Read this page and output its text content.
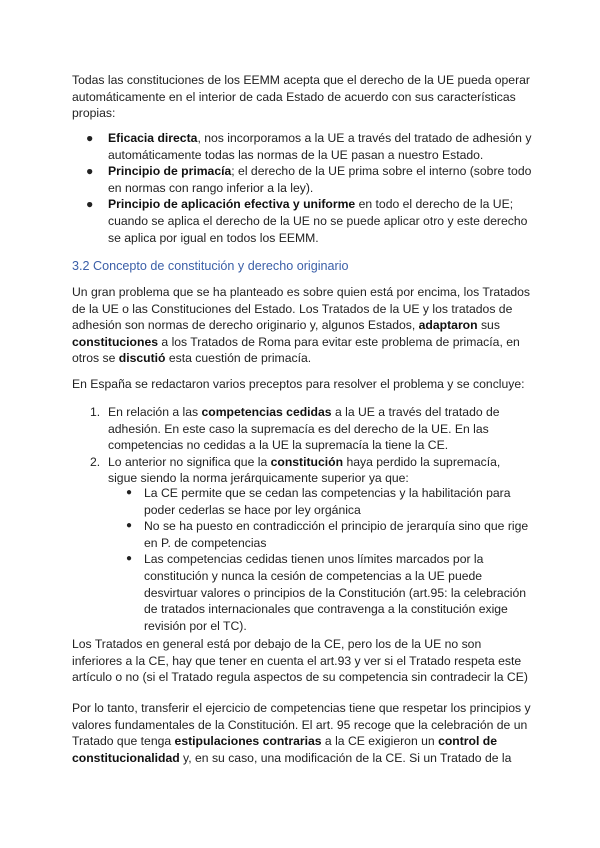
Todas las constituciones de los EEMM acepta que el derecho de la UE pueda operar automáticamente en el interior de cada Estado de acuerdo con sus características propias:

● Eficacia directa, nos incorporamos a la UE a través del tratado de adhesión y automáticamente todas las normas de la UE pasan a nuestro Estado.
● Principio de primacía; el derecho de la UE prima sobre el interno (sobre todo en normas con rango inferior a la ley).
● Principio de aplicación efectiva y uniforme en todo el derecho de la UE; cuando se aplica el derecho de la UE no se puede aplicar otro y este derecho se aplica por igual en todos los EEMM.

3.2 Concepto de constitución y derecho originario

Un gran problema que se ha planteado es sobre quien está por encima, los Tratados de la UE o las Constituciones del Estado. Los Tratados de la UE y los tratados de adhesión son normas de derecho originario y, algunos Estados, adaptaron sus constituciones a los Tratados de Roma para evitar este problema de primacía, en otros se discutió esta cuestión de primacía.

En España se redactaron varios preceptos para resolver el problema y se concluye:

1. En relación a las competencias cedidas a la UE a través del tratado de adhesión. En este caso la supremacía es del derecho de la UE. En las competencias no cedidas a la UE la supremacía la tiene la CE.
2. Lo anterior no significa que la constitución haya perdido la supremacía, sigue siendo la norma jerárquicamente superior ya que:
● La CE permite que se cedan las competencias y la habilitación para poder cederlas se hace por ley orgánica
● No se ha puesto en contradicción el principio de jerarquía sino que rige en P. de competencias
● Las competencias cedidas tienen unos límites marcados por la constitución y nunca la cesión de competencias a la UE puede desvirtuar valores o principios de la Constitución (art.95: la celebración de tratados internacionales que contravenga a la constitución exige revisión por el TC).

Los Tratados en general está por debajo de la CE, pero los de la UE no son inferiores a la CE, hay que tener en cuenta el art.93 y ver si el Tratado respeta este artículo o no (si el Tratado regula aspectos de su competencia sin contradecir la CE)

Por lo tanto, transferir el ejercicio de competencias tiene que respetar los principios y valores fundamentales de la Constitución. El art. 95 recoge que la celebración de un Tratado que tenga estipulaciones contrarias a la CE exigieron un control de constitucionalidad y, en su caso, una modificación de la CE. Si un Tratado de la
